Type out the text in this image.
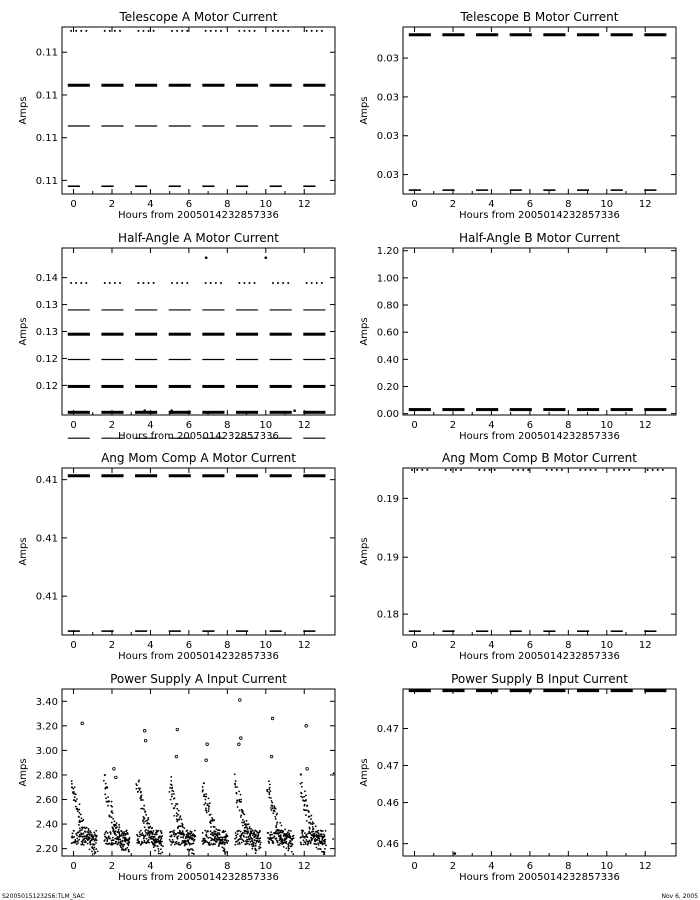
Telescope A Motor Current
0	2	4	6	8	10	12
0.11
0.11
0.11
0.11
Hours from 2005014232857336
Amps
Telescope B Motor Current
0	2	4	6	8	10	12
0.03
0.03
0.03
0.03
Hours from 2005014232857336
Amps
Half-Angle A Motor Current
0	2	4	6	8	10	12
0.12
0.12
0.13
0.13
0.14
Hours from 2005014232857336
Amps
Half-Angle B Motor Current
0	2	4	6	8	10	12
0.00
0.20
0.40
0.60
0.80
1.00
1.20
Hours from 2005014232857336
Amps
Ang Mom Comp A Motor Current
0	2	4	6	8	10	12
0.41
0.41
0.41
Hours from 2005014232857336
Amps
Ang Mom Comp B Motor Current
0	2	4	6	8	10	12
0.18
0.19
0.19
Hours from 2005014232857336
Amps
Power Supply A Input Current
0	2	4	6	8	10	12
2.20
2.40
2.60
2.80
3.00
3.20
3.40
Hours from 2005014232857336
Amps
Power Supply B Input Current
0	2	4	6	8	10	12
0.46
0.46
0.47
0.47
Hours from 2005014232857336
Amps
S20050151232S6:TLM_SAC	Nov 6, 2005
